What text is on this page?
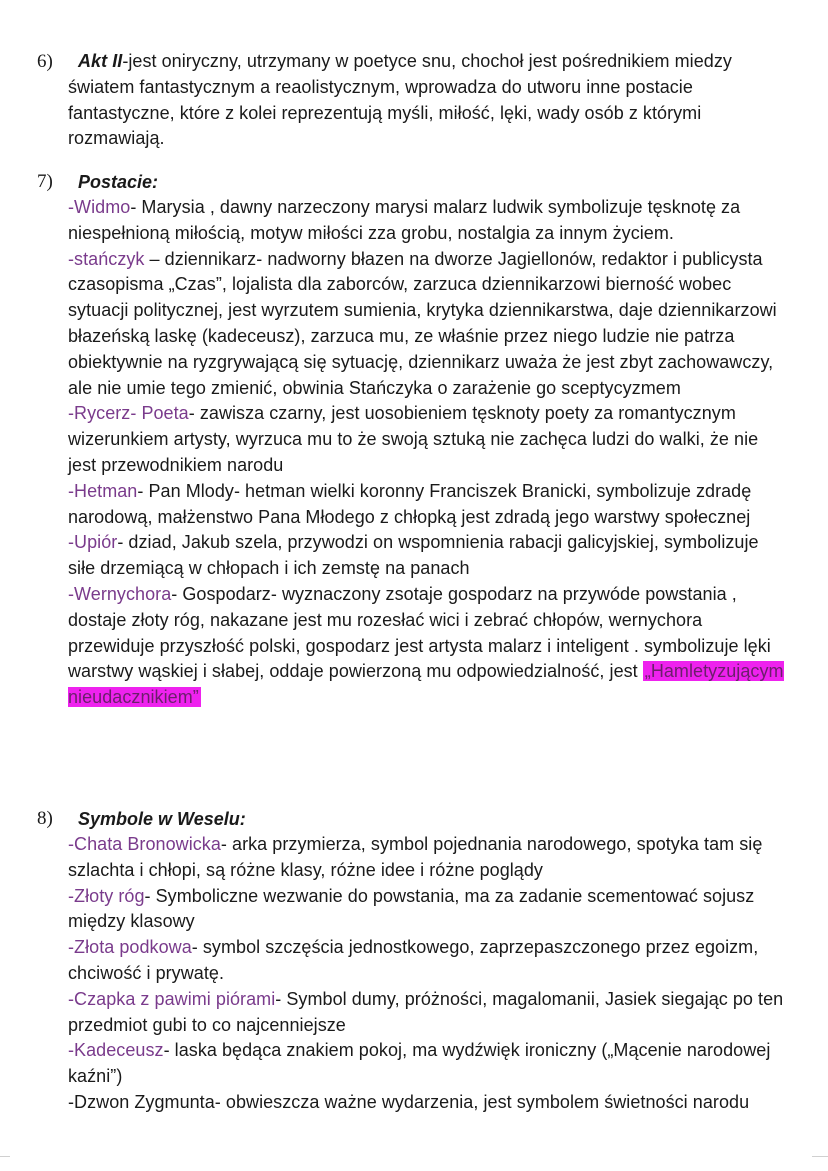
6)	Akt II-jest oniryczny, utrzymany w poetyce snu, chochoł jest pośrednikiem miedzy światem fantastycznym a reaolistycznym, wprowadza do utworu inne postacie fantastyczne, które z kolei reprezentują myśli, miłość, lęki, wady osób z którymi rozmawiają.
7) Postacie:
-Widmo- Marysia , dawny narzeczony marysi malarz ludwik symbolizuje tęsknotę za niespełnioną miłością, motyw miłości zza grobu, nostalgia za innym życiem.
-stańczyk – dziennikarz- nadworny błazen na dworze Jagiellonów, redaktor i publicysta czasopisma „Czas”, lojalista dla zaborców, zarzuca dziennikarzowi bierność wobec sytuacji politycznej, jest wyrzutem sumienia, krytyka dziennikarstwa, daje dziennikarzowi błazeńską laskę (kadeceusz), zarzuca mu, ze właśnie przez niego ludzie nie patrza obiektywnie na ryzgrywającą się sytuację, dziennikarz uważa że jest zbyt zachowawczy, ale nie umie tego zmienić, obwinia Stańczyka o zarażenie go sceptycyzmem
-Rycerz- Poeta- zawisza czarny, jest uosobieniem tęsknoty poety za romantycznym wizerunkiem artysty, wyrzuca mu to że swoją sztuką nie zachęca ludzi do walki, że nie jest przewodnikiem narodu
-Hetman- Pan Mlody- hetman wielki koronny Franciszek Branicki, symbolizuje zdradę narodową, małżenstwo Pana Młodego z chłopką jest zdradą jego warstwy społecznej
-Upiór- dziad, Jakub szela, przywodzi on wspomnienia rabacji galicyjskiej, symbolizuje siłe drzemiącą w chłopach i ich zemstę na panach
-Wernychora- Gospodarz- wyznaczony zsotaje gospodarz na przywóde powstania , dostaje złoty róg, nakazane jest mu rozesłać wici i zebrać chłopów, wernychora przewiduje przyszłość polski, gospodarz jest artysta malarz i inteligent . symbolizuje lęki warstwy wąskiej i słabej, oddaje powierzoną mu odpowiedzialność, jest „Hamletyzującym nieudacznikiem”
8) Symbole w Weselu:
-Chata Bronowicka- arka przymierza, symbol pojednania narodowego, spotyka tam się szlachta i chłopi, są różne klasy, różne idee i różne poglądy
-Złoty róg- Symboliczne wezwanie do powstania, ma za zadanie scementować sojusz między klasowy
-Złota podkowa- symbol szczęścia jednostkowego, zaprzepaszczonego przez egoizm, chciwość i prywatę.
-Czapka z pawimi piórami- Symbol dumy, próżności, magalomanii, Jasiek siegając po ten przedmiot gubi to co najcenniejsze
-Kadeceusz- laska będąca znakiem pokoj, ma wydźwięk ironiczny („Mącenie narodowej kaźni”)
-Dzwon Zygmunta- obwieszcza ważne wydarzenia, jest symbolem świetności narodu
